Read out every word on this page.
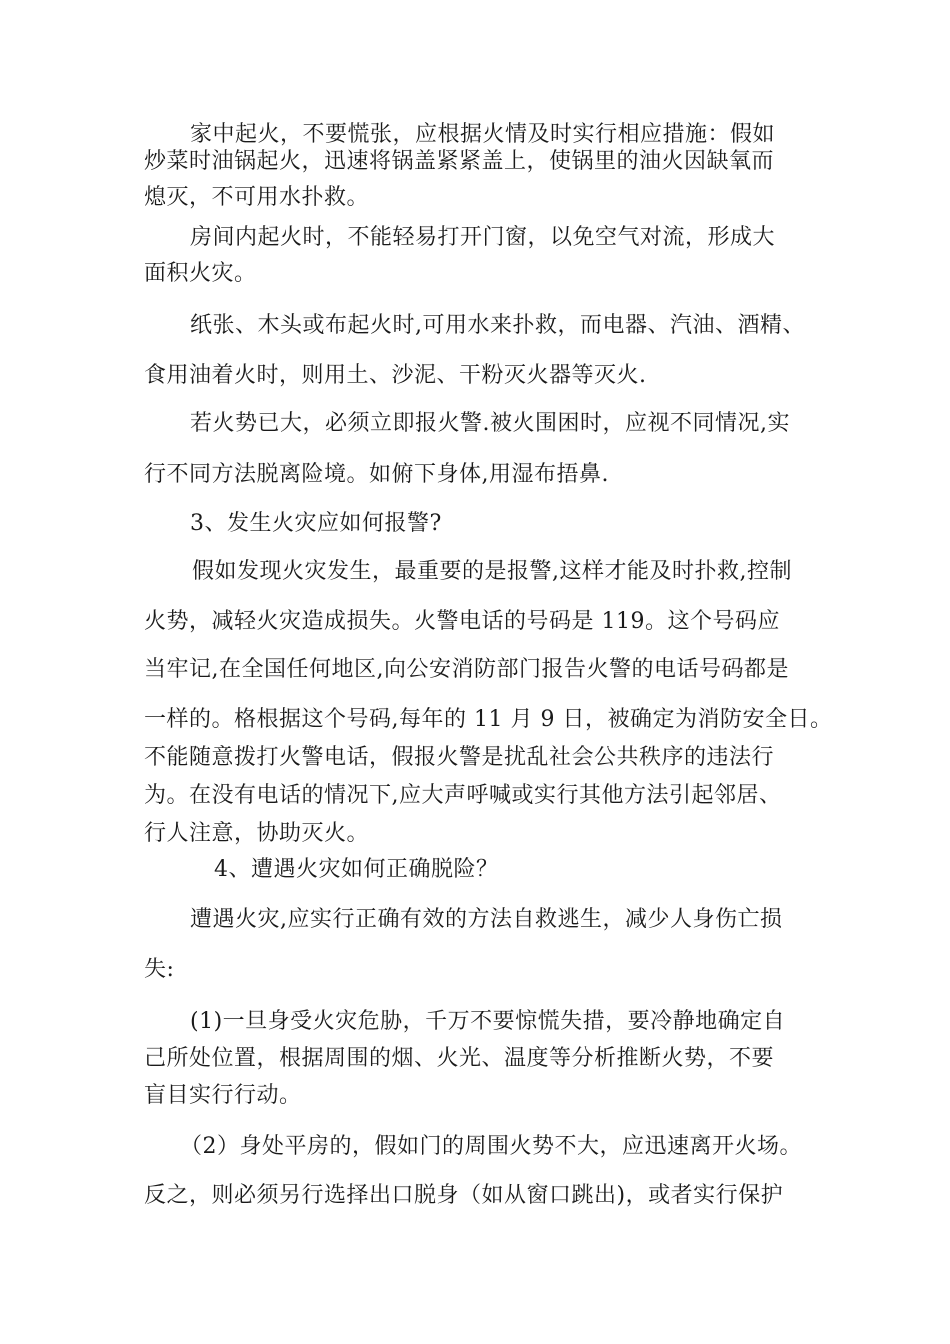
家中起火，不要慌张，应根据火情及时实行相应措施：假如
炒菜时油锅起火，迅速将锅盖紧紧盖上，使锅里的油火因缺氧而
熄灭，不可用水扑救。
房间内起火时，不能轻易打开门窗，以免空气对流，形成大
面积火灾。
纸张、木头或布起火时,可用水来扑救，而电器、汽油、酒精、
食用油着火时，则用土、沙泥、干粉灭火器等灭火.
若火势已大，必须立即报火警.被火围困时，应视不同情况,实
行不同方法脱离险境。如俯下身体,用湿布捂鼻.
3、发生火灾应如何报警?
假如发现火灾发生，最重要的是报警,这样才能及时扑救,控制
火势，减轻火灾造成损失。火警电话的号码是 119。这个号码应
当牢记,在全国任何地区,向公安消防部门报告火警的电话号码都是
一样的。格根据这个号码,每年的 11 月 9 日，被确定为消防安全日。
不能随意拨打火警电话，假报火警是扰乱社会公共秩序的违法行
为。在没有电话的情况下,应大声呼喊或实行其他方法引起邻居、
行人注意，协助灭火。
4、遭遇火灾如何正确脱险？
遭遇火灾,应实行正确有效的方法自救逃生，减少人身伤亡损
失:
(1)一旦身受火灾危胁，千万不要惊慌失措，要冷静地确定自
己所处位置，根据周围的烟、火光、温度等分析推断火势，不要
盲目实行行动。
（2）身处平房的，假如门的周围火势不大，应迅速离开火场。
反之，则必须另行选择出口脱身（如从窗口跳出)，或者实行保护
